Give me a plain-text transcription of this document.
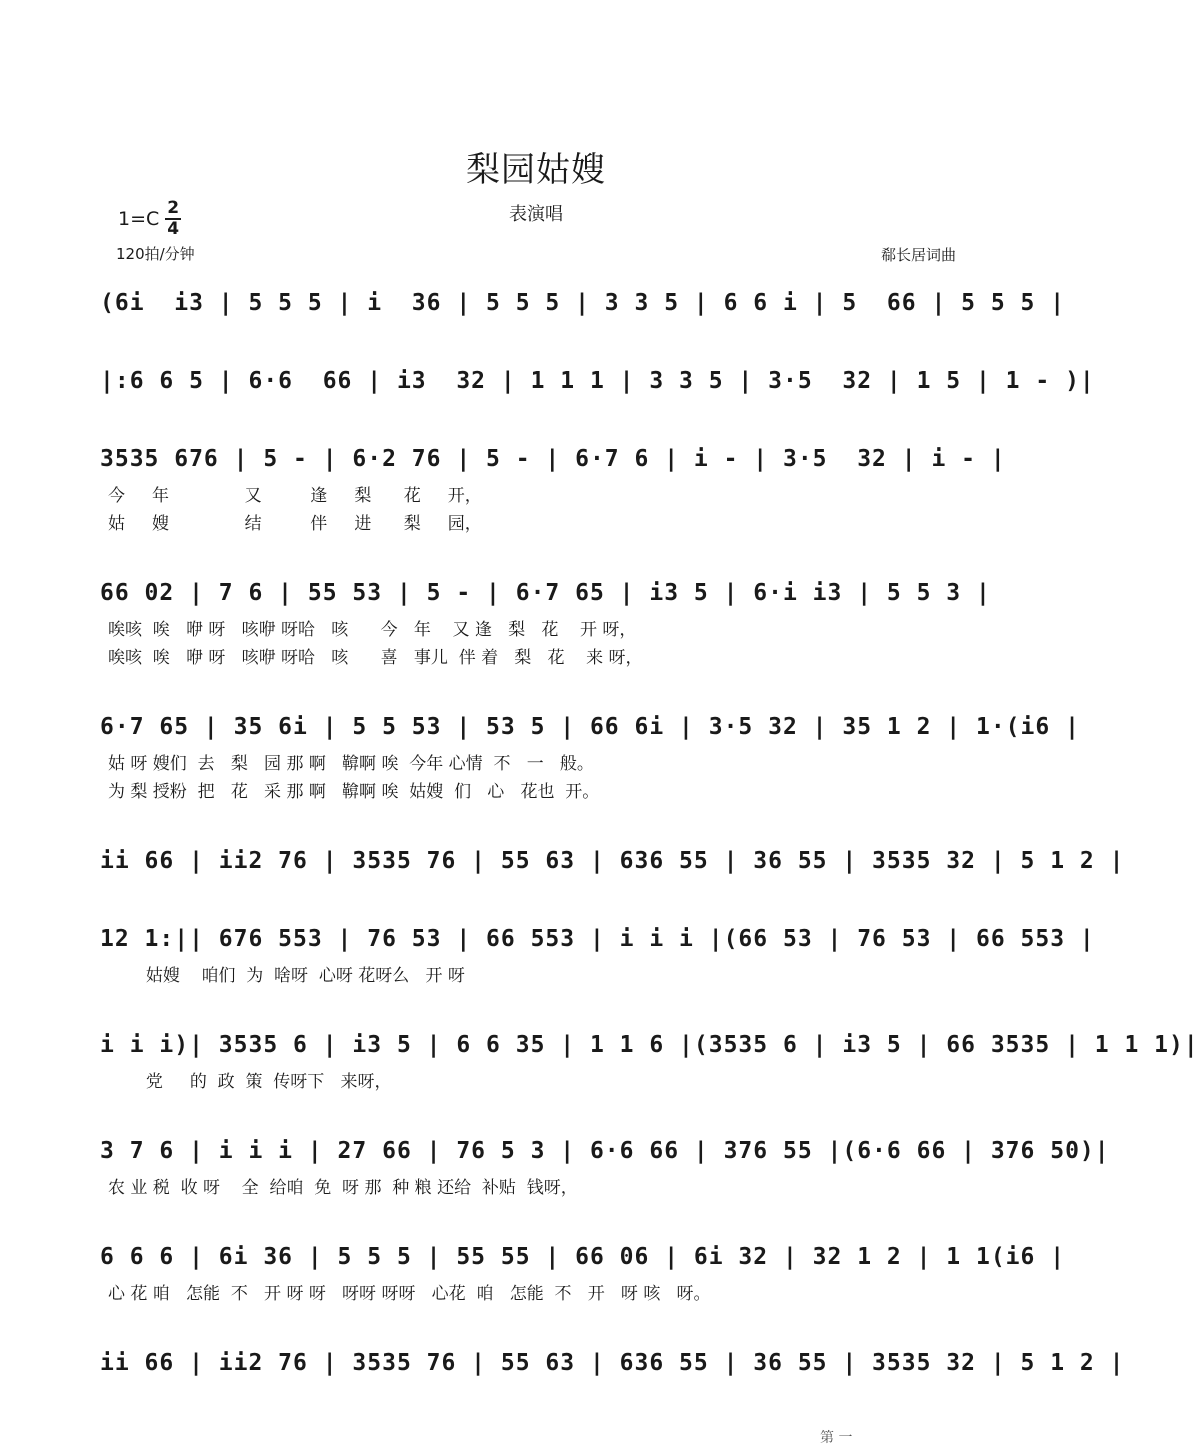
梨园姑嫂
$1=C \frac{2}{4}$	表演唱
120拍/分钟	郗长居词曲
(6i  i3 | 5 5 5 | i  36 | 5 5 5 | 3 3 5 | 6 6 i | 5  66 | 5 5 5 |
|:6 6 5 | 6·6  66 | i3  32 | 1 1 1 | 3 3 5 | 3·5  32 | 1 5 | 1 - )|
3535 676 | 5 - | 6·2 76 | 5 - | 6·7 6 | i - | 3·5  32 | i - |
今     年              又         逢     梨      花     开，
姑     嫂              结         伴     进      梨     园，
66 02 | 7 6 | 55 53 | 5 - | 6·7 65 | i3 5 | 6·i i3 | 5 5 3 |
唉咳  唉   咿 呀   咳咿 呀哈   咳      今   年    又 逢   梨   花    开 呀，
唉咳  唉   咿 呀   咳咿 呀哈   咳      喜   事儿  伴 着   梨   花    来 呀，
6·7 65 | 35 6i | 5 5 53 | 53 5 | 66 6i | 3·5 32 | 35 1 2 | 1·(i6 |
姑 呀 嫂们  去   梨   园 那 啊   鞥啊 唉  今年 心情  不   一   般。
为 梨 授粉  把   花   采 那 啊   鞥啊 唉  姑嫂  们   心   花也  开。
ii 66 | ii2 76 | 3535 76 | 55 63 | 636 55 | 36 55 | 3535 32 | 5 1 2 |
12 1:|| 676 553 | 76 53 | 66 553 | i i i |(66 53 | 76 53 | 66 553 |
姑嫂    咱们  为  啥呀  心呀 花呀么   开 呀
i i i)| 3535 6 | i3 5 | 6 6 35 | 1 1 6 |(3535 6 | i3 5 | 66 3535 | 1 1 1)|
党     的  政  策  传呀下   来呀，
3 7 6 | i i i | 27 66 | 76 5 3 | 6·6 66 | 376 55 |(6·6 66 | 376 50)|
农 业 税  收 呀    全  给咱  免  呀 那  种 粮 还给  补贴  钱呀，
6 6 6 | 6i 36 | 5 5 5 | 55 55 | 66 06 | 6i 32 | 32 1 2 | 1 1(i6 |
心 花 咱   怎能  不   开 呀 呀   呀呀 呀呀   心花  咱   怎能  不   开   呀 咳   呀。
ii 66 | ii2 76 | 3535 76 | 55 63 | 636 55 | 36 55 | 3535 32 | 5 1 2 |
第 一
